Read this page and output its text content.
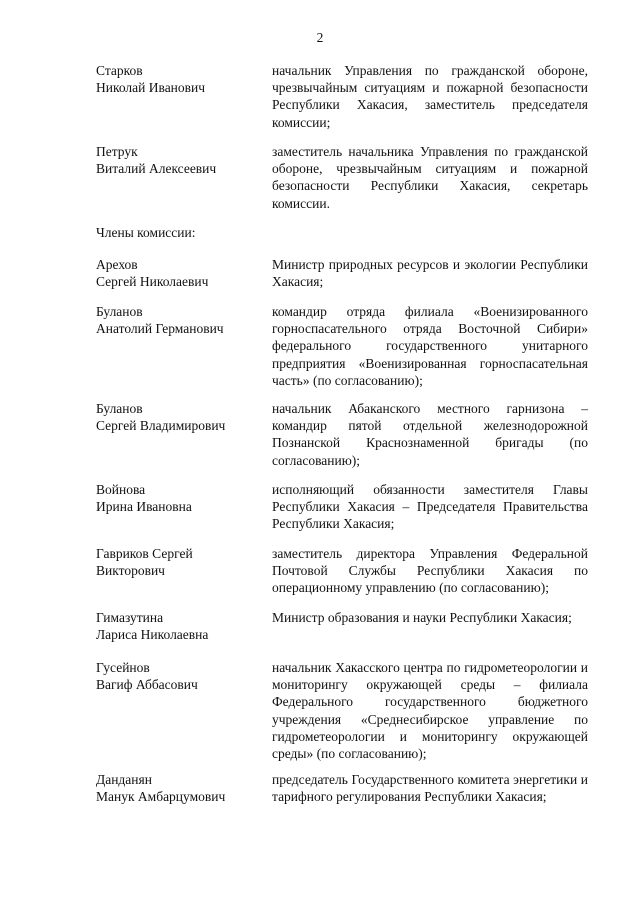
2
Старков
Николай Иванович
начальник Управления по гражданской обороне, чрезвычайным ситуациям и пожарной безопасности Республики Хакасия, заместитель председателя комиссии;
Петрук
Виталий Алексеевич
заместитель начальника Управления по гражданской обороне, чрезвычайным ситуациям и пожарной безопасности Республики Хакасия, секретарь комиссии.
Члены комиссии:
Арехов
Сергей Николаевич
Министр природных ресурсов и экологии Республики Хакасия;
Буланов
Анатолий Германович
командир отряда филиала «Военизированного горноспасательного отряда Восточной Сибири» федерального государственного унитарного предприятия «Военизированная горноспасательная часть» (по согласованию);
Буланов
Сергей Владимирович
начальник Абаканского местного гарнизона – командир пятой отдельной железнодорожной Познанской Краснознаменной бригады (по согласованию);
Войнова
Ирина Ивановна
исполняющий обязанности заместителя Главы Республики Хакасия – Председателя Правительства Республики Хакасия;
Гавриков Сергей
Викторович
заместитель директора Управления Федеральной Почтовой Службы Республики Хакасия по операционному управлению (по согласованию);
Гимазутина
Лариса Николаевна
Министр образования и науки Республики Хакасия;
Гусейнов
Вагиф Аббасович
начальник Хакасского центра по гидрометеорологии и мониторингу окружающей среды – филиала Федерального государственного бюджетного учреждения «Среднесибирское управление по гидрометеорологии и мониторингу окружающей среды» (по согласованию);
Данданян
Манук Амбарцумович
председатель Государственного комитета энергетики и тарифного регулирования Республики Хакасия;
